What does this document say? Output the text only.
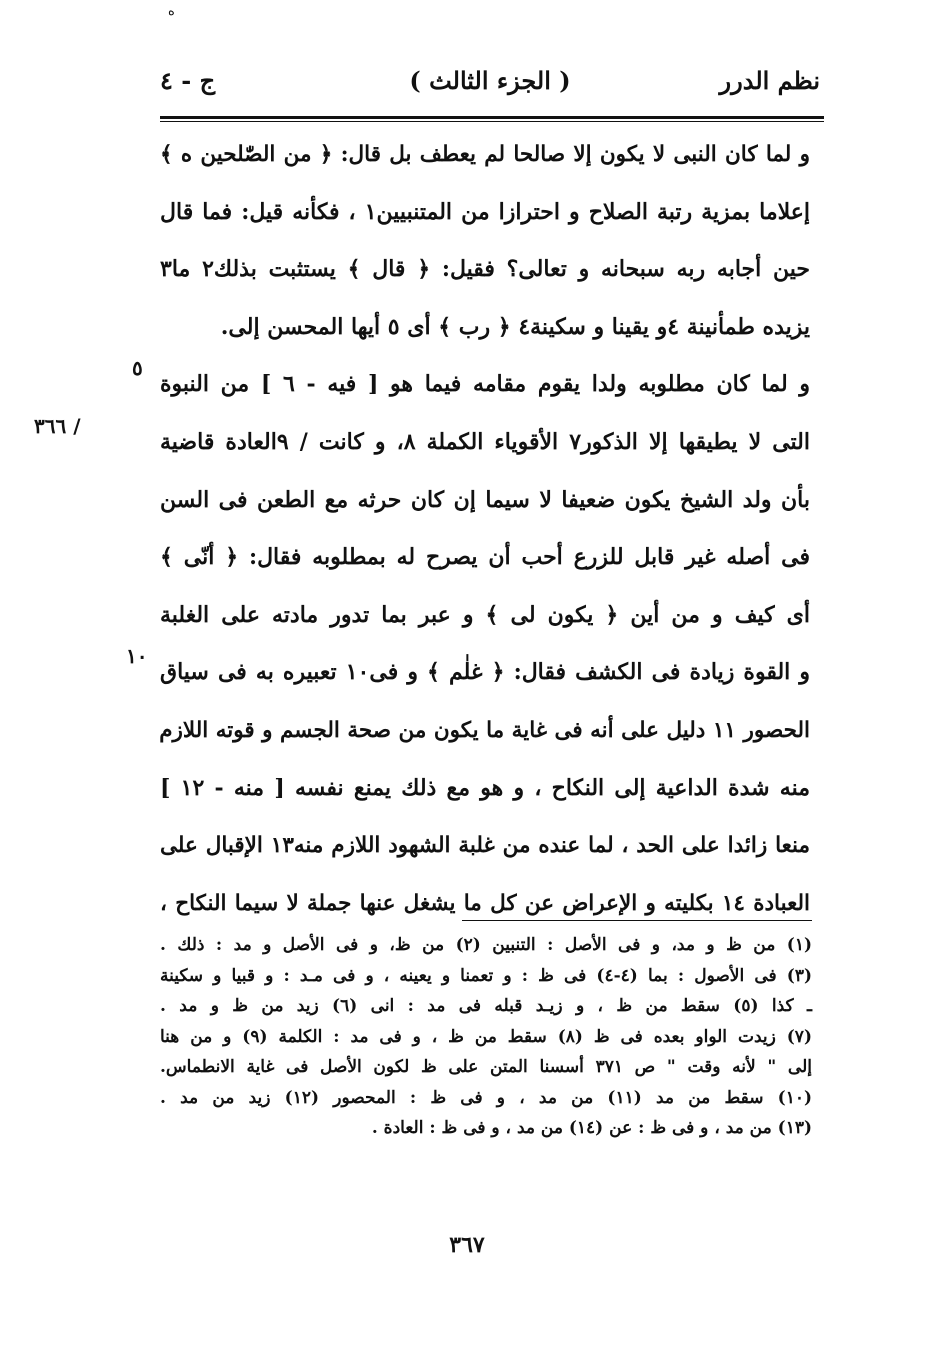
ه
نظم الدرر
( الجزء الثالث )
ج - ٤
و لما كان النبى لا يكون إلا صالحا لم يعطف بل قال: ﴿ من الصّٰلحين ه ﴾
إعلاما بمزية رتبة الصلاح و احترازا من المتنبيين١ ، فكأنه قيل: فما قال
حين أجابه ربه سبحانه و تعالى؟ فقيل: ﴿ قال ﴾ يستثبت بذلك٢ ما٣
يزيده طمأنينة ٤و يقينا و سكينة٤ ﴿ رب ﴾ أى ٥ أيها المحسن إلى.
و لما كان مطلوبه ولدا يقوم مقامه فيما هو [ فيه - ٦ ] من النبوة
التى لا يطيقها إلا الذكور٧ الأقوياء الكملة ٨، و كانت / ٩العادة قاضية
بأن ولد الشيخ يكون ضعيفا لا سيما إن كان حرثه مع الطعن فى السن
فى أصله غير قابل للزرع أحب أن يصرح له بمطلوبه فقال: ﴿ أنّى ﴾
أى كيف و من أين ﴿ يكون لى ﴾ و عبر بما تدور مادته على الغلبة
و القوة زيادة فى الكشف فقال: ﴿ غلٰم ﴾ و فى١٠ تعبيره به فى سياق
الحصور ١١ دليل على أنه فى غاية ما يكون من صحة الجسم و قوته اللازم
منه شدة الداعية إلى النكاح ، و هو مع ذلك يمنع نفسه [ منه - ١٢ ]
منعا زائدا على الحد ، لما عنده من غلبة الشهود اللازم منه١٣ الإقبال على
العبادة ١٤ بكليته و الإعراض عن كل ما يشغل عنها جملة لا سيما النكاح ،
٥
١٠
/ ٣٦٦
(١) من ظ و مد، و فى الأصل : التنبين (٢) من ظ، و فى الأصل و مد : ذلك .
(٣) فى الأصول : بما (٤-٤) فى ظ : و تعمنا و يعينه ، و فى مـد : و قبيا و سكينة
ـ كذا (٥) سقط من ظ ، و زيـد قبله فى مد : انى (٦) زيد من ظ و مد .
(٧) زيدت الواو بعده فى ظ (٨) سقط من ظ ، و فى مد : الكلمة (٩) و من هنا
إلى " لأنه وقت " ص ٣٧١ أسسنا المتن على ظ لكون الأصل فى غاية الانطماس.
(١٠) سقط من مد (١١) من مد ، و فى ظ : المحصور (١٢) زيد من مد .
(١٣) من مد ، و فى ظ : عن (١٤) من مد ، و فى ظ : العادة .
٣٦٧
